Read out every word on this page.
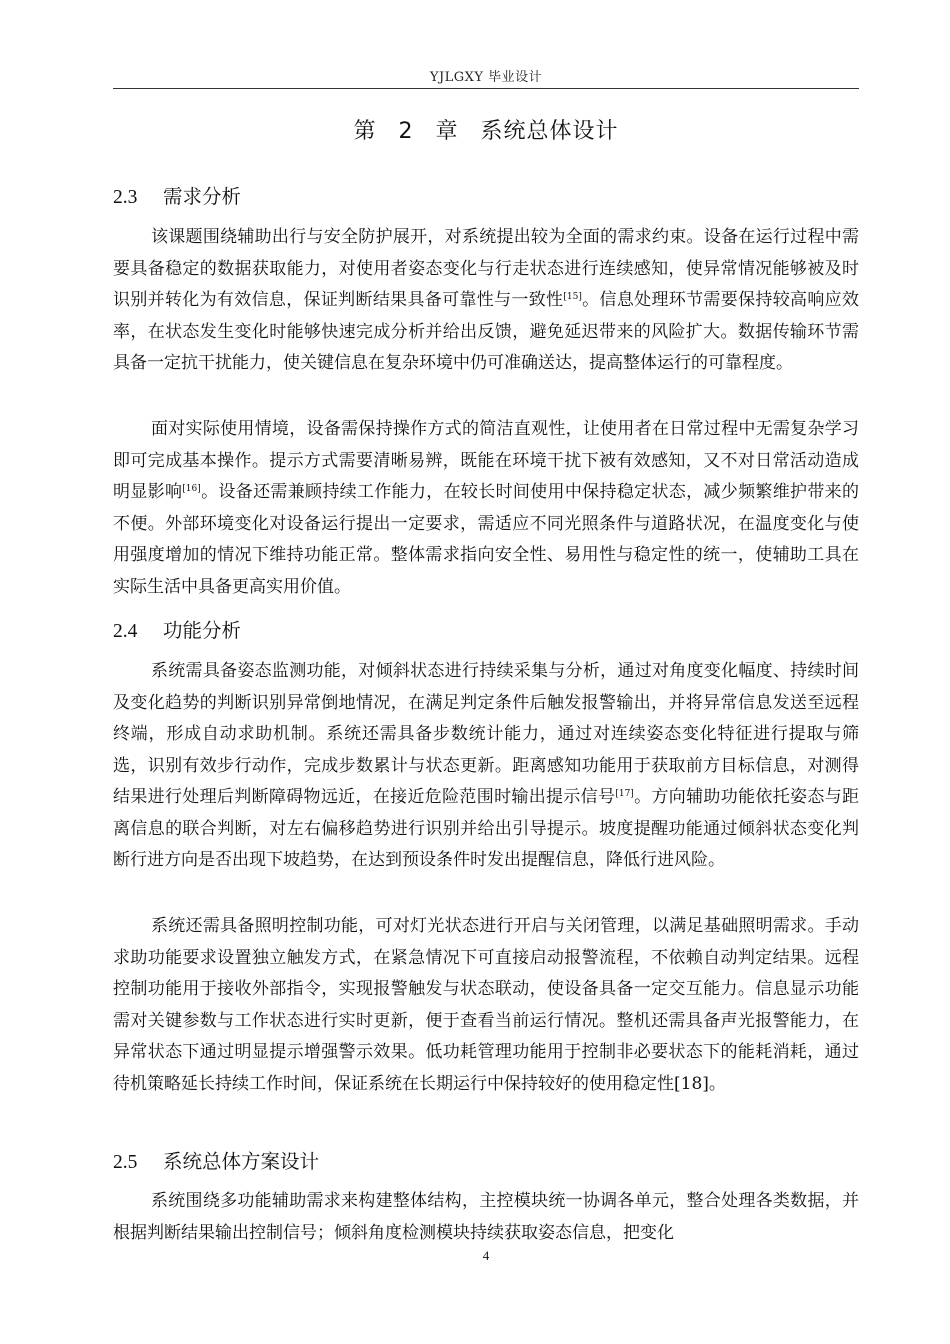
YJLGXY 毕业设计
第 2 章 系统总体设计
2.3 需求分析

该课题围绕辅助出行与安全防护展开，对系统提出较为全面的需求约束。设备在运行过程中需要具备稳定的数据获取能力，对使用者姿态变化与行走状态进行连续感知，使异常情况能够被及时识别并转化为有效信息，保证判断结果具备可靠性与一致性[15]。信息处理环节需要保持较高响应效率，在状态发生变化时能够快速完成分析并给出反馈，避免延迟带来的风险扩大。数据传输环节需具备一定抗干扰能力，使关键信息在复杂环境中仍可准确送达，提高整体运行的可靠程度。

面对实际使用情境，设备需保持操作方式的简洁直观性，让使用者在日常过程中无需复杂学习即可完成基本操作。提示方式需要清晰易辨，既能在环境干扰下被有效感知，又不对日常活动造成明显影响[16]。设备还需兼顾持续工作能力，在较长时间使用中保持稳定状态，减少频繁维护带来的不便。外部环境变化对设备运行提出一定要求，需适应不同光照条件与道路状况，在温度变化与使用强度增加的情况下维持功能正常。整体需求指向安全性、易用性与稳定性的统一，使辅助工具在实际生活中具备更高实用价值。

2.4 功能分析

系统需具备姿态监测功能，对倾斜状态进行持续采集与分析，通过对角度变化幅度、持续时间及变化趋势的判断识别异常倒地情况，在满足判定条件后触发报警输出，并将异常信息发送至远程终端，形成自动求助机制。系统还需具备步数统计能力，通过对连续姿态变化特征进行提取与筛选，识别有效步行动作，完成步数累计与状态更新。距离感知功能用于获取前方目标信息，对测得结果进行处理后判断障碍物远近，在接近危险范围时输出提示信号[17]。方向辅助功能依托姿态与距离信息的联合判断，对左右偏移趋势进行识别并给出引导提示。坡度提醒功能通过倾斜状态变化判断行进方向是否出现下坡趋势，在达到预设条件时发出提醒信息，降低行进风险。

系统还需具备照明控制功能，可对灯光状态进行开启与关闭管理，以满足基础照明需求。手动求助功能要求设置独立触发方式，在紧急情况下可直接启动报警流程，不依赖自动判定结果。远程控制功能用于接收外部指令，实现报警触发与状态联动，使设备具备一定交互能力。信息显示功能需对关键参数与工作状态进行实时更新，便于查看当前运行情况。整机还需具备声光报警能力，在异常状态下通过明显提示增强警示效果。低功耗管理功能用于控制非必要状态下的能耗消耗，通过待机策略延长持续工作时间，保证系统在长期运行中保持较好的使用稳定性[18]。

2.5 系统总体方案设计

系统围绕多功能辅助需求来构建整体结构，主控模块统一协调各单元，整合处理各类数据，并根据判断结果输出控制信号；倾斜角度检测模块持续获取姿态信息，把变化

4
